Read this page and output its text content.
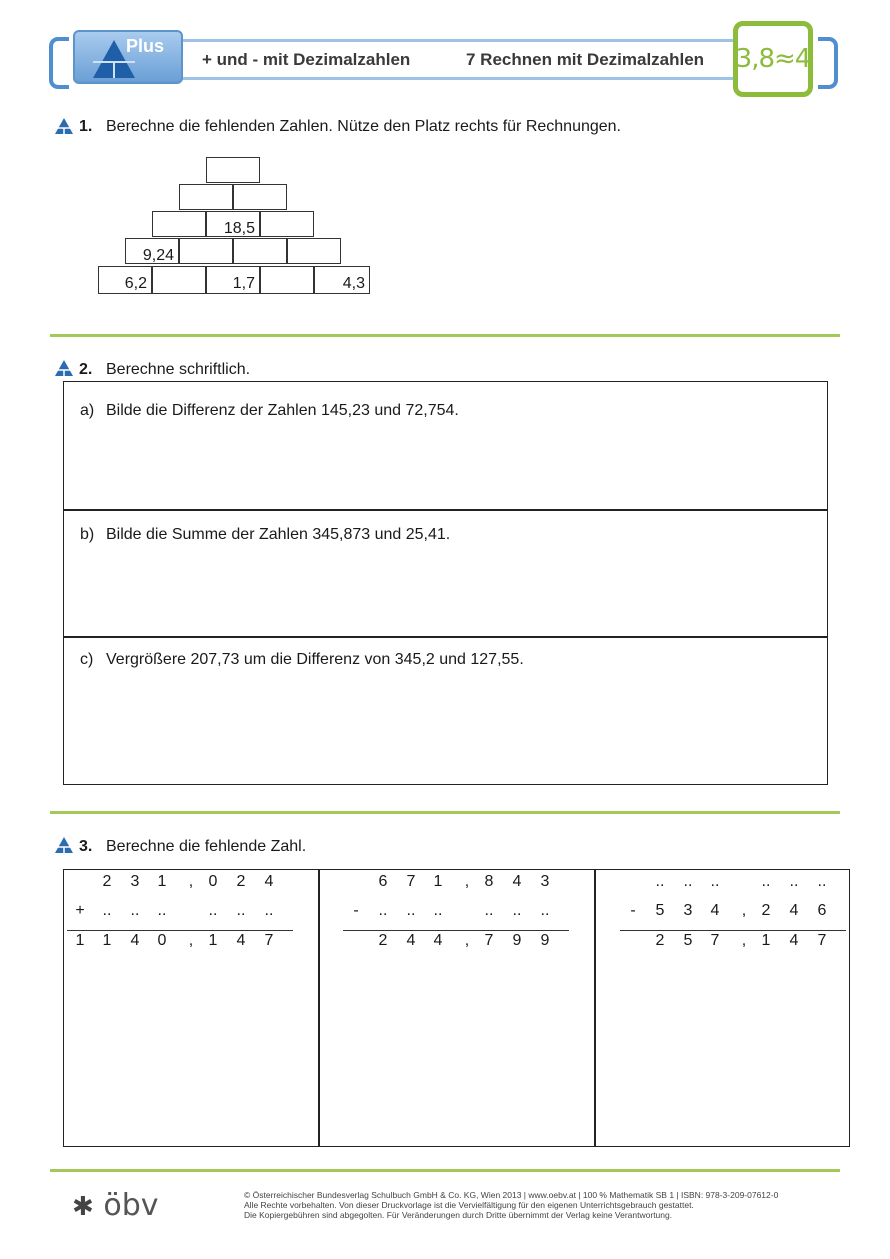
Plus
+ und - mit Dezimalzahlen	7 Rechnen mit Dezimalzahlen 3,8≈4
1. Berechne die fehlenden Zahlen. Nütze den Platz rechts für Rechnungen.
18,5
9,24
6,2	1,7	4,3
2. Berechne schriftlich.
a) Bilde die Differenz der Zahlen 145,23 und 72,754.
b) Bilde die Summe der Zahlen 345,873 und 25,41.
c) Vergrößere 207,73 um die Differenz von 345,2 und 127,55.
3. Berechne die fehlende Zahl.
2 3 1	, 0 2 4
+ .. .. ..	.. .. ..
1 1 4 0	, 1 4 7
6 7 1	, 8 4 3
-	.. .. ..	.. .. ..
2 4 4	, 7 9 9
.. .. ..	.. .. ..
-	5 3 4	, 2 4 6
2 5 7	, 1 4 7
✱ öbv	© Österreichischer Bundesverlag Schulbuch GmbH & Co. KG, Wien 2013 | www.oebv.at | 100 % Mathematik SB 1 | ISBN: 978-3-209-07612-0
Alle Rechte vorbehalten. Von dieser Druckvorlage ist die Vervielfältigung für den eigenen Unterrichtsgebrauch gestattet.
Die Kopiergebühren sind abgegolten. Für Veränderungen durch Dritte übernimmt der Verlag keine Verantwortung.
